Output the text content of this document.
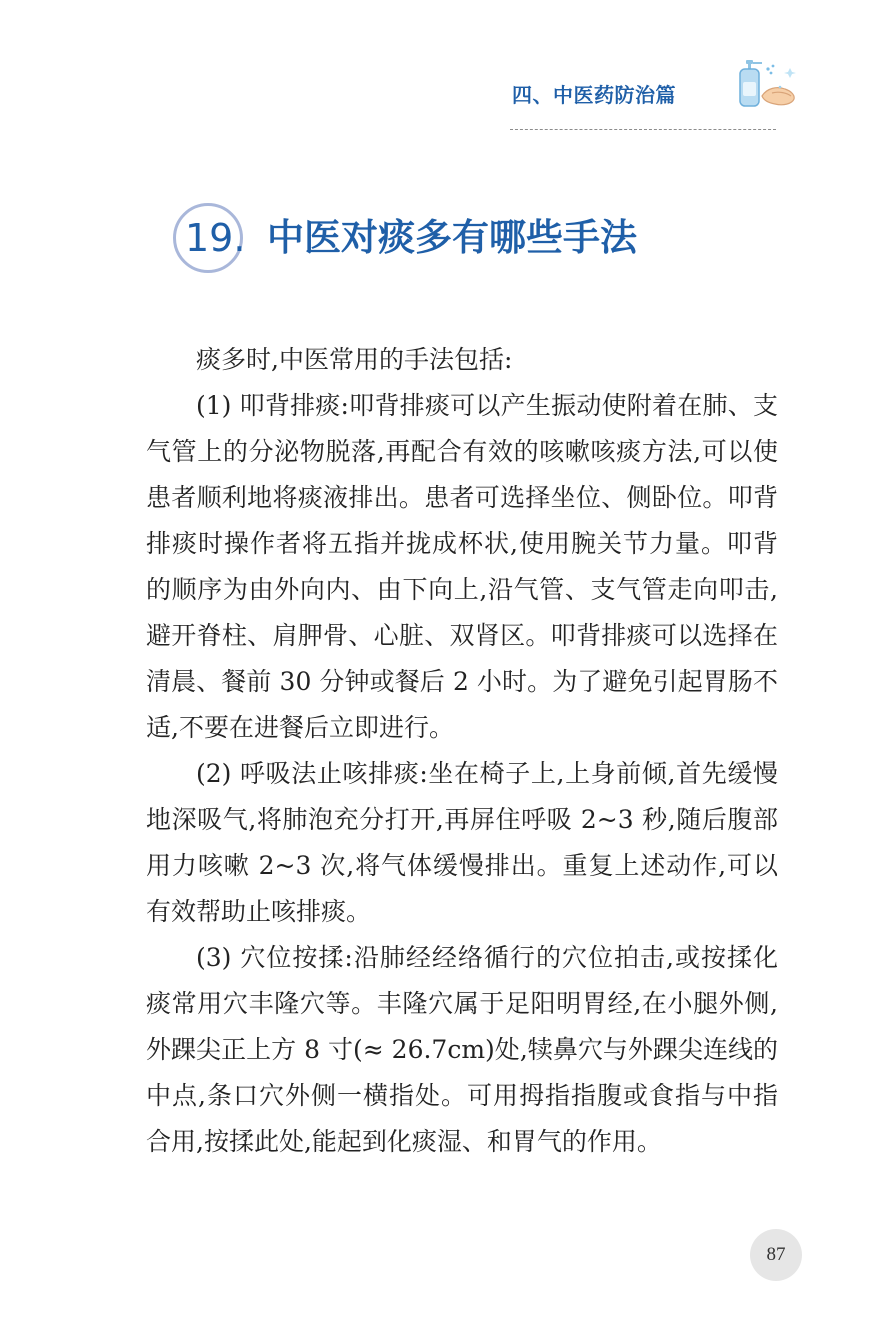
四、中医药防治篇
19. 中医对痰多有哪些手法

痰多时,中医常用的手法包括:

(1) 叩背排痰:叩背排痰可以产生振动使附着在肺、支气管上的分泌物脱落,再配合有效的咳嗽咳痰方法,可以使患者顺利地将痰液排出。患者可选择坐位、侧卧位。叩背排痰时操作者将五指并拢成杯状,使用腕关节力量。叩背的顺序为由外向内、由下向上,沿气管、支气管走向叩击,避开脊柱、肩胛骨、心脏、双肾区。叩背排痰可以选择在清晨、餐前 30 分钟或餐后 2 小时。为了避免引起胃肠不适,不要在进餐后立即进行。

(2) 呼吸法止咳排痰:坐在椅子上,上身前倾,首先缓慢地深吸气,将肺泡充分打开,再屏住呼吸 2~3 秒,随后腹部用力咳嗽 2~3 次,将气体缓慢排出。重复上述动作,可以有效帮助止咳排痰。

(3) 穴位按揉:沿肺经经络循行的穴位拍击,或按揉化痰常用穴丰隆穴等。丰隆穴属于足阳明胃经,在小腿外侧,外踝尖正上方 8 寸(≈ 26.7cm)处,犊鼻穴与外踝尖连线的中点,条口穴外侧一横指处。可用拇指指腹或食指与中指合用,按揉此处,能起到化痰湿、和胃气的作用。

87
